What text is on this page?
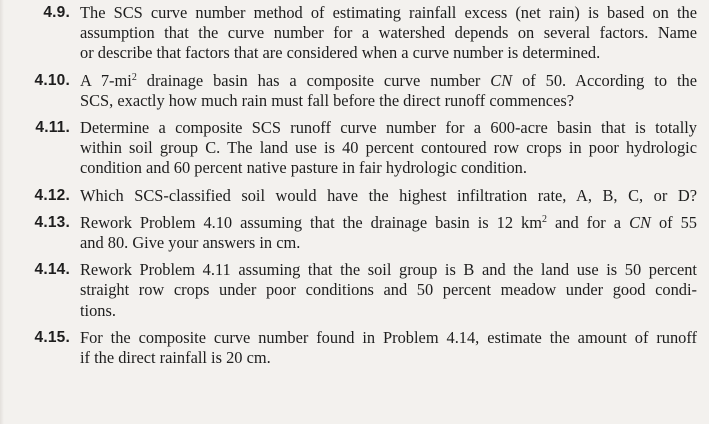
4.9. The SCS curve number method of estimating rainfall excess (net rain) is based on the
assumption that the curve number for a watershed depends on several factors. Name
or describe that factors that are considered when a curve number is determined.
4.10. A $7-mi^2$ drainage basin has a composite curve number CN of 50. According to the
SCS, exactly how much rain must fall before the direct runoff commences?
4.11. Determine a composite SCS runoff curve number for a 600-acre basin that is totally
within soil group C. The land use is 40 percent contoured row crops in poor hydrologic
condition and 60 percent native pasture in fair hydrologic condition.
4.12. Which SCS-classified soil would have the highest infiltration rate, A, B, C, or D?
4.13. Rework Problem 4.10 assuming that the drainage basin is 12 $km^2$ and for a CN of 55
and 80. Give your answers in cm.
4.14. Rework Problem 4.11 assuming that the soil group is B and the land use is 50 percent
straight row crops under poor conditions and 50 percent meadow under good condi-
tions.
4.15. For the composite curve number found in Problem 4.14, estimate the amount of runoff
if the direct rainfall is 20 cm.
